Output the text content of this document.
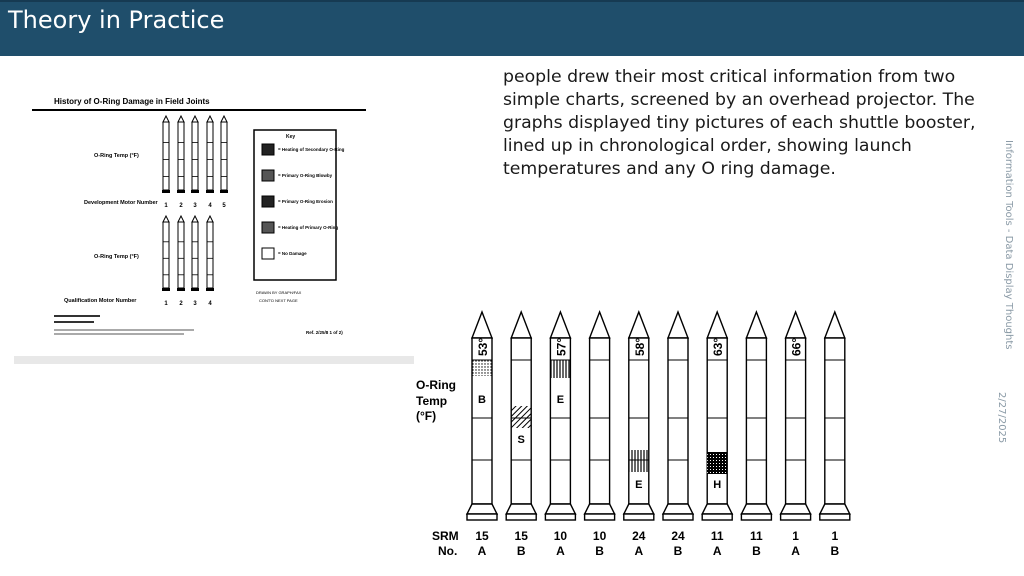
Theory in Practice
people drew their most critical information from two simple charts, screened by an overhead projector. The graphs displayed tiny pictures of each shuttle booster, lined up in chronological order, showing launch temperatures and any O ring damage.	Information Tools - Data Display Thoughts
2/27/2025
History of O-Ring Damage in Field Joints
O-Ring Temp (°F)
Development Motor Number
O-Ring Temp (°F)
Qualification Motor Number
1 2 3 4 5
1 2 3 4
Key
= Heating of Secondary O-Ring
= Primary O-Ring Blowby
= Primary O-Ring Erosion
= Heating of Primary O-Ring
= No Damage
DRAWN BY GRAPH/FAX
CONT'D NEXT PAGE
Ref. 2/25/8 1 of 2)
O-Ring
Temp
(°F)
SRM
No.
53°
B
15
A
S
15
B
57°
E
10
A
10
B
58°
E
24
A
24
B
63°
H
11
A
11
B
66°
1
A
1
B
